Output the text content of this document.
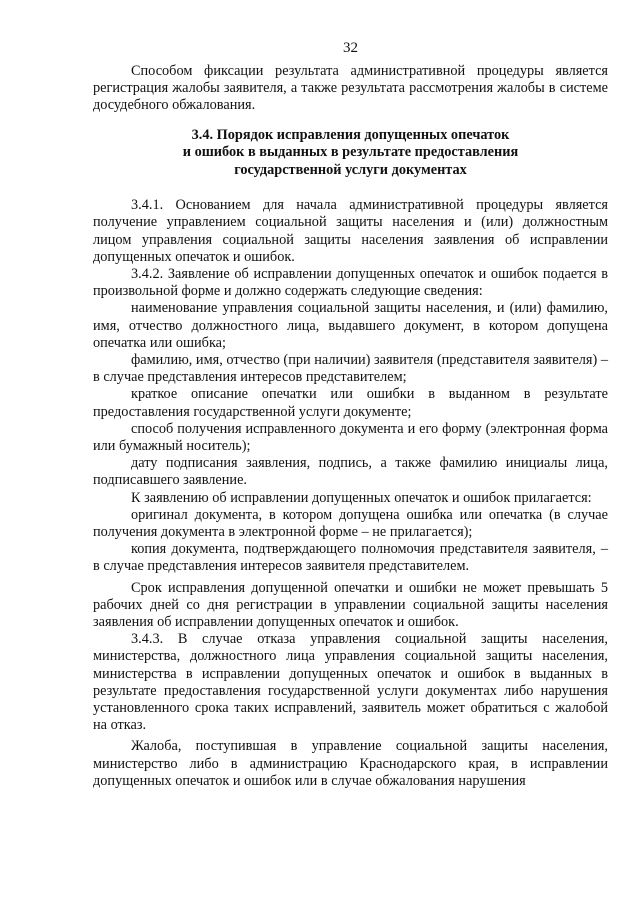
32

Способом фиксации результата административной процедуры является регистрация жалобы заявителя, а также результата рассмотрения жалобы в системе досудебного обжалования.

3.4. Порядок исправления допущенных опечаток
и ошибок в выданных в результате предоставления
государственной услуги документах

3.4.1. Основанием для начала административной процедуры является получение управлением социальной защиты населения и (или) должностным лицом управления социальной защиты населения заявления об исправлении допущенных опечаток и ошибок.

3.4.2. Заявление об исправлении допущенных опечаток и ошибок подается в произвольной форме и должно содержать следующие сведения:

наименование управления социальной защиты населения, и (или) фамилию, имя, отчество должностного лица, выдавшего документ, в котором допущена опечатка или ошибка;

фамилию, имя, отчество (при наличии) заявителя (представителя заявителя) – в случае представления интересов представителем;

краткое описание опечатки или ошибки в выданном в результате предоставления государственной услуги документе;

способ получения исправленного документа и его форму (электронная форма или бумажный носитель);

дату подписания заявления, подпись, а также фамилию инициалы лица, подписавшего заявление.

К заявлению об исправлении допущенных опечаток и ошибок прилагается:

оригинал документа, в котором допущена ошибка или опечатка (в случае получения документа в электронной форме – не прилагается);

копия документа, подтверждающего полномочия представителя заявителя, – в случае представления интересов заявителя представителем.

Срок исправления допущенной опечатки и ошибки не может превышать 5 рабочих дней со дня регистрации в управлении социальной защиты населения заявления об исправлении допущенных опечаток и ошибок.

3.4.3. В случае отказа управления социальной защиты населения, министерства, должностного лица управления социальной защиты населения, министерства в исправлении допущенных опечаток и ошибок в выданных в результате предоставления государственной услуги документах либо нарушения установленного срока таких исправлений, заявитель может обратиться с жалобой на отказ.

Жалоба, поступившая в управление социальной защиты населения, министерство либо в администрацию Краснодарского края, в исправлении допущенных опечаток и ошибок или в случае обжалования нарушения
